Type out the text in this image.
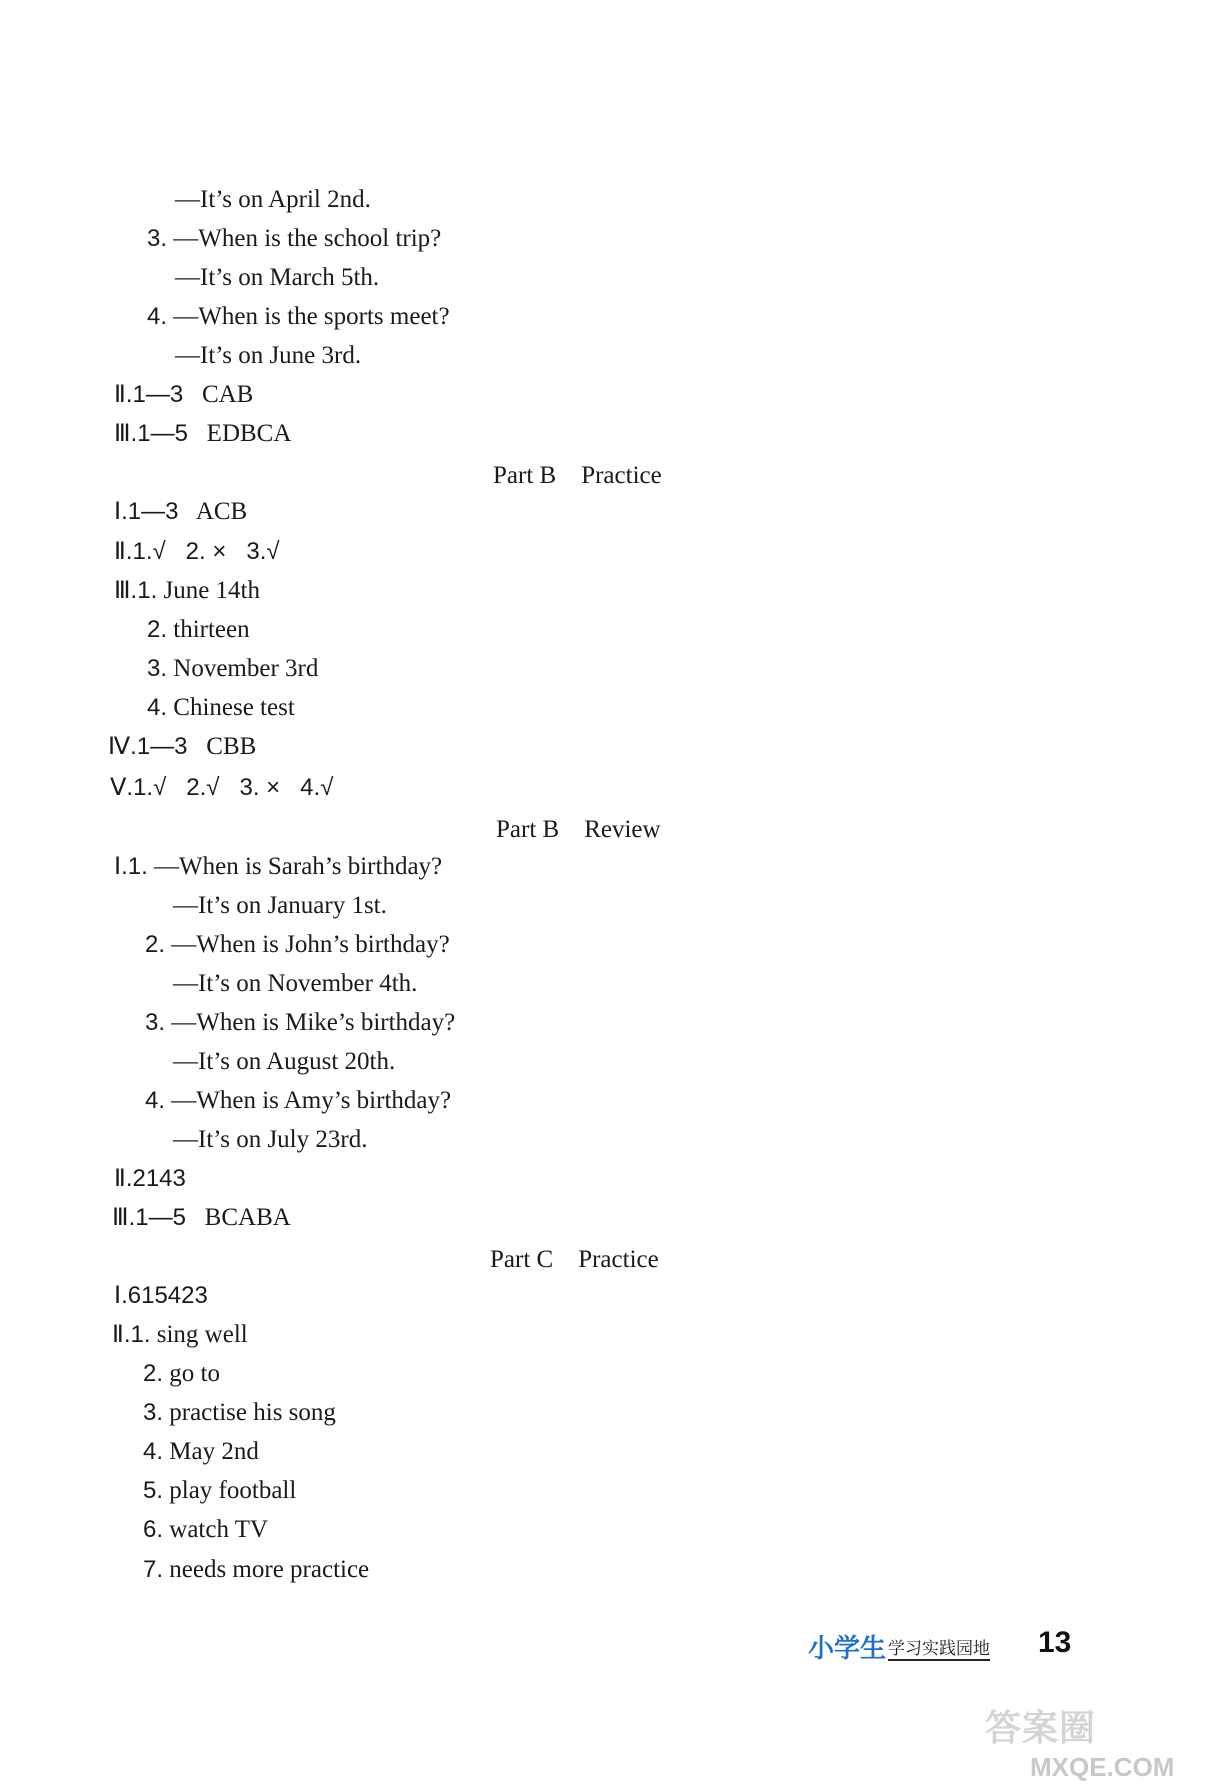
—It’s on April 2nd.
3. —When is the school trip?
—It’s on March 5th.
4. —When is the sports meet?
—It’s on June 3rd.
Ⅱ.1—3 CAB
Ⅲ.1—5 EDBCA
Part B    Practice
Ⅰ.1—3 ACB
Ⅱ.1.√   2. ×   3.√
Ⅲ.1. June 14th
2. thirteen
3. November 3rd
4. Chinese test
Ⅳ.1—3 CBB
Ⅴ.1.√   2.√   3. ×   4.√
Part B    Review
Ⅰ.1. —When is Sarah’s birthday?
—It’s on January 1st.
2. —When is John’s birthday?
—It’s on November 4th.
3. —When is Mike’s birthday?
—It’s on August 20th.
4. —When is Amy’s birthday?
—It’s on July 23rd.
Ⅱ.2143
Ⅲ.1—5 BCABA
Part C    Practice
Ⅰ.615423
Ⅱ.1. sing well
2. go to
3. practise his song
4. May 2nd
5. play football
6. watch TV
7. needs more practice
小学生 学习实践园地 13
答案圈
MXQE.COM
